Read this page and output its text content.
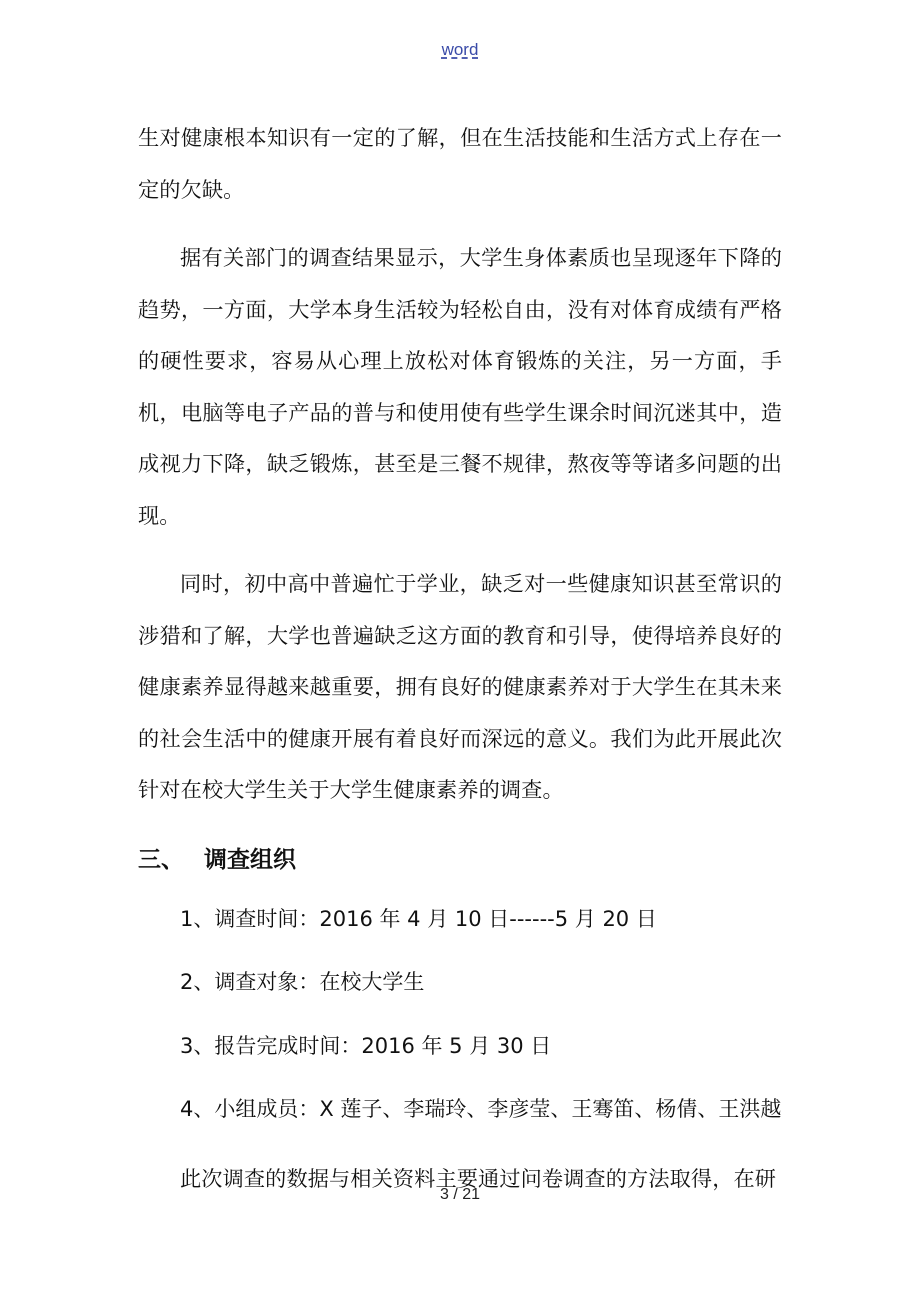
word

生对健康根本知识有一定的了解，但在生活技能和生活方式上存在一定的欠缺。

据有关部门的调查结果显示，大学生身体素质也呈现逐年下降的趋势，一方面，大学本身生活较为轻松自由，没有对体育成绩有严格的硬性要求，容易从心理上放松对体育锻炼的关注，另一方面，手机，电脑等电子产品的普与和使用使有些学生课余时间沉迷其中，造成视力下降，缺乏锻炼，甚至是三餐不规律，熬夜等等诸多问题的出现。

同时，初中高中普遍忙于学业，缺乏对一些健康知识甚至常识的涉猎和了解，大学也普遍缺乏这方面的教育和引导，使得培养良好的健康素养显得越来越重要，拥有良好的健康素养对于大学生在其未来的社会生活中的健康开展有着良好而深远的意义。我们为此开展此次针对在校大学生关于大学生健康素养的调查。

三、 调查组织

1、调查时间：2016 年 4 月 10 日------5 月 20 日

2、调查对象：在校大学生

3、报告完成时间：2016 年 5 月 30 日

4、小组成员：X 莲子、李瑞玲、李彦莹、王骞笛、杨倩、王洪越

此次调查的数据与相关资料主要通过问卷调查的方法取得，在研

3 / 21
